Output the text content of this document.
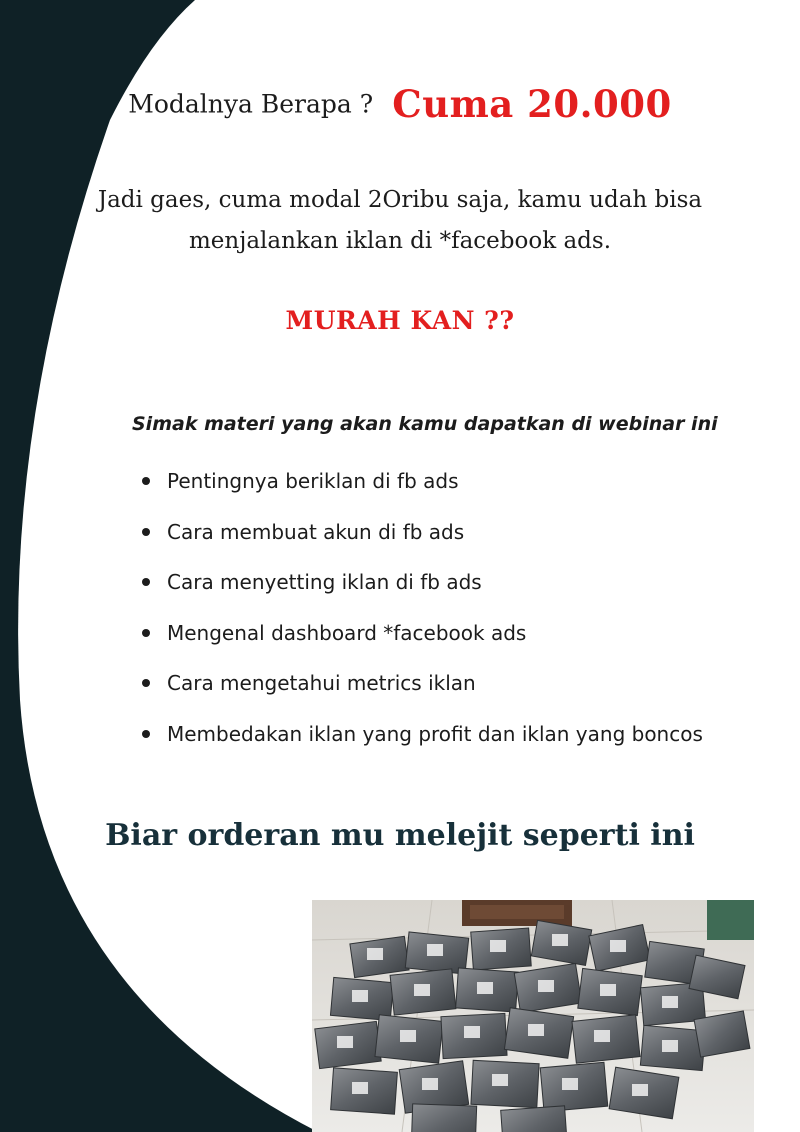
Modalnya Berapa ? Cuma 20.000
Jadi gaes, cuma modal 2Oribu saja, kamu udah bisa
menjalankan iklan di *facebook ads.
MURAH KAN ??
Simak materi yang akan kamu dapatkan di webinar ini
Pentingnya beriklan di fb ads
Cara membuat akun di fb ads
Cara menyetting iklan di fb ads
Mengenal dashboard *facebook ads
Cara mengetahui metrics iklan
Membedakan iklan yang profit dan iklan yang boncos
Biar orderan mu melejit seperti ini
